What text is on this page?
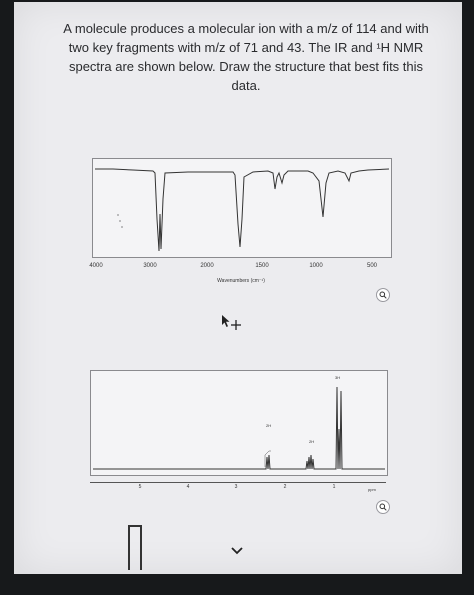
A molecule produces a molecular ion with a m/z of 114 and with
two key fragments with m/z of 71 and 43. The IR and ¹H NMR
spectra are shown below. Draw the structure that best fits this
data.
4000	3000	2000	1500	1000	500
Wavenumbers (cm⁻¹)
3H
2H
2H
5	4	3	2	1	ppm
